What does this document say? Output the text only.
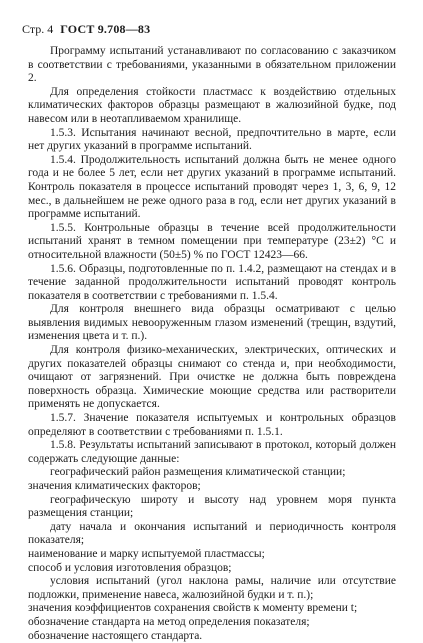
Стр. 4 ГОСТ 9.708—83

Программу испытаний устанавливают по согласованию с заказчиком в соответствии с требованиями, указанными в обязательном приложении 2.

Для определения стойкости пластмасс к воздействию отдельных климатических факторов образцы размещают в жалюзийной будке, под навесом или в неотапливаемом хранилище.

1.5.3. Испытания начинают весной, предпочтительно в марте, если нет других указаний в программе испытаний.

1.5.4. Продолжительность испытаний должна быть не менее одного года и не более 5 лет, если нет других указаний в программе испытаний. Контроль показателя в процессе испытаний проводят через 1, 3, 6, 9, 12 мес., в дальнейшем не реже одного раза в год, если нет других указаний в программе испытаний.

1.5.5. Контрольные образцы в течение всей продолжительности испытаний хранят в темном помещении при температуре (23±2) °С и относительной влажности (50±5) % по ГОСТ 12423—66.

1.5.6. Образцы, подготовленные по п. 1.4.2, размещают на стендах и в течение заданной продолжительности испытаний проводят контроль показателя в соответствии с требованиями п. 1.5.4.

Для контроля внешнего вида образцы осматривают с целью выявления видимых невооруженным глазом изменений (трещин, вздутий, изменения цвета и т. п.).

Для контроля физико-механических, электрических, оптических и других показателей образцы снимают со стенда и, при необходимости, очищают от загрязнений. При очистке не должна быть повреждена поверхность образца. Химические моющие средства или растворители применять не допускается.

1.5.7. Значение показателя испытуемых и контрольных образцов определяют в соответствии с требованиями п. 1.5.1.

1.5.8. Результаты испытаний записывают в протокол, который должен содержать следующие данные:

географический район размещения климатической станции;

значения климатических факторов;

географическую широту и высоту над уровнем моря пункта размещения станции;

дату начала и окончания испытаний и периодичность контроля показателя;

наименование и марку испытуемой пластмассы;

способ и условия изготовления образцов;

условия испытаний (угол наклона рамы, наличие или отсутствие подложки, применение навеса, жалюзийной будки и т. п.);

значения коэффициентов сохранения свойств к моменту времени t;

обозначение стандарта на метод определения показателя;

обозначение настоящего стандарта.
